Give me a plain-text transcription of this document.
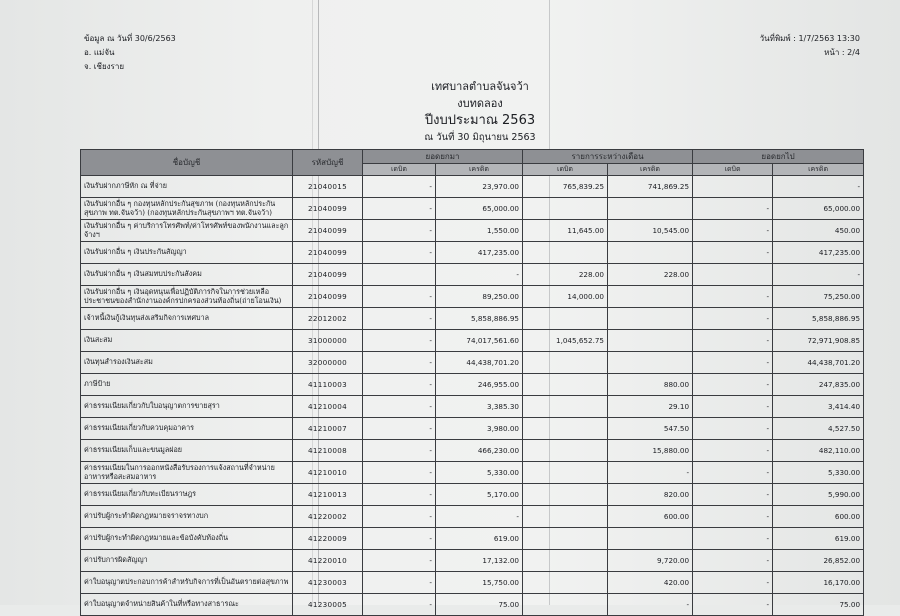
ข้อมูล ณ วันที่ 30/6/2563
อ. แม่จัน
จ. เชียงราย
วันที่พิมพ์ : 1/7/2563 13:30
หน้า : 2/4
เทศบาลตำบลจันจว้า
งบทดลอง
ปีงบประมาณ 2563
ณ วันที่ 30 มิถุนายน 2563
ชื่อบัญชี	รหัสบัญชี	ยอดยกมา		รายการระหว่างเดือน		ยอดยกไป	
		เดบิต	เครดิต	เดบิต	เครดิต	เดบิต	เครดิต
เงินรับฝากภาษีหัก ณ ที่จ่าย	21040015	-	23,970.00	765,839.25	741,869.25		-
เงินรับฝากอื่น ๆ กองทุนหลักประกันสุขภาพ (กองทุนหลักประกันสุขภาพ ทต.จันจว้า) (กองทุนหลักประกันสุขภาพฯ ทต.จันจว้า)	21040099	-	65,000.00			-	65,000.00
เงินรับฝากอื่น ๆ ค่าบริการโทรศัพท์/ค่าโทรศัพท์ของพนักงานและลูกจ้างฯ	21040099	-	1,550.00	11,645.00	10,545.00	-	450.00
เงินรับฝากอื่น ๆ เงินประกันสัญญา	21040099	-	417,235.00			-	417,235.00
เงินรับฝากอื่น ๆ เงินสมทบประกันสังคม	21040099		-	228.00	228.00		-
เงินรับฝากอื่น ๆ เงินอุดหนุนเพื่อปฏิบัติภารกิจในการช่วยเหลือประชาชนของสำนักงานองค์กรปกครองส่วนท้องถิ่น(ถ่ายโอนเงิน)	21040099	-	89,250.00	14,000.00		-	75,250.00
เจ้าหนี้เงินกู้เงินทุนส่งเสริมกิจการเทศบาล	22012002	-	5,858,886.95			-	5,858,886.95
เงินสะสม	31000000	-	74,017,561.60	1,045,652.75		-	72,971,908.85
เงินทุนสำรองเงินสะสม	32000000	-	44,438,701.20			-	44,438,701.20
ภาษีป้าย	41110003	-	246,955.00		880.00	-	247,835.00
ค่าธรรมเนียมเกี่ยวกับใบอนุญาตการขายสุรา	41210004	-	3,385.30		29.10	-	3,414.40
ค่าธรรมเนียมเกี่ยวกับควบคุมอาคาร	41210007	-	3,980.00		547.50	-	4,527.50
ค่าธรรมเนียมเก็บและขนมูลฝอย	41210008	-	466,230.00		15,880.00	-	482,110.00
ค่าธรรมเนียมในการออกหนังสือรับรองการแจ้งสถานที่จำหน่ายอาหารหรือสะสมอาหาร	41210010	-	5,330.00		-	-	5,330.00
ค่าธรรมเนียมเกี่ยวกับทะเบียนราษฎร	41210013	-	5,170.00		820.00	-	5,990.00
ค่าปรับผู้กระทำผิดกฎหมายจราจรทางบก	41220002	-	-		600.00	-	600.00
ค่าปรับผู้กระทำผิดกฎหมายและข้อบังคับท้องถิ่น	41220009	-	619.00			-	619.00
ค่าปรับการผิดสัญญา	41220010	-	17,132.00		9,720.00	-	26,852.00
ค่าใบอนุญาตประกอบการค้าสำหรับกิจการที่เป็นอันตรายต่อสุขภาพ	41230003	-	15,750.00		420.00	-	16,170.00
ค่าใบอนุญาตจำหน่ายสินค้าในที่หรือทางสาธารณะ	41230005	-	75.00		-	-	75.00
